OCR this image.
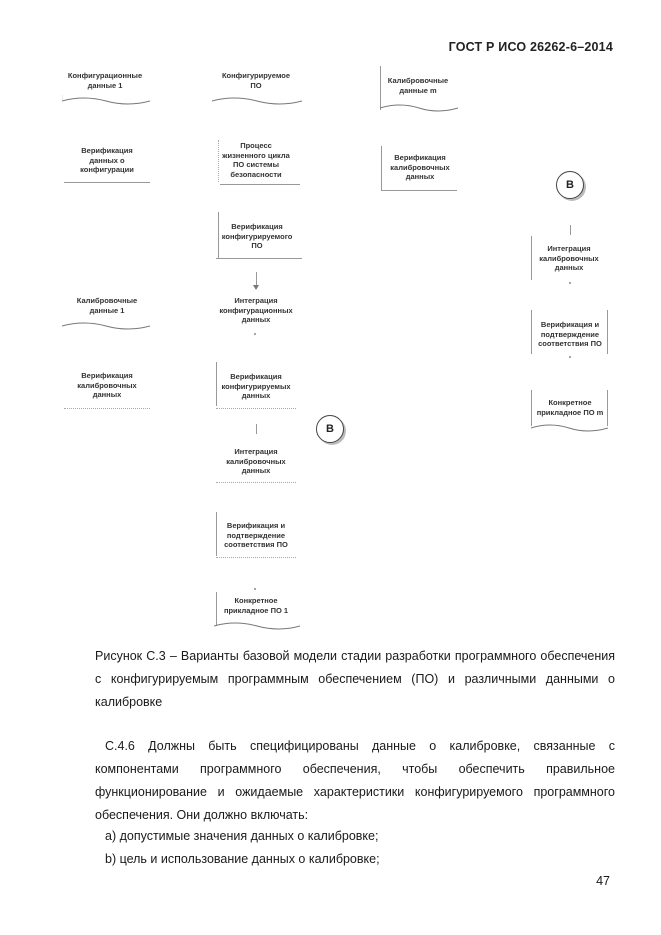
ГОСТ Р ИСО 26262-6–2014
Конфигурационные
данные 1
Верификация
данных о
конфигурации
Калибровочные
данные 1
Верификация
калибровочных
данных
Конфигурируемое
ПО
Процесс
жизненного цикла
ПО системы
безопасности
Верификация
конфигурируемого
ПО
Интеграция
конфигурационных
данных
Верификация
конфигурируемых
данных
Интеграция
калибровочных
данных
Верификация и
подтверждение
соответствия ПО
Конкретное
прикладное ПО 1
B
Калибровочные
данные m
Верификация
калибровочных
данных
B
Интеграция
калибровочных
данных
Верификация и
подтверждение
соответствия ПО
Конкретное
прикладное ПО m
Рисунок С.3 – Варианты базовой модели стадии разработки программного обеспечения с конфигурируемым программным обеспечением (ПО) и различными данными о калибровке
С.4.6 Должны быть специфицированы данные о калибровке, связанные с компонентами программного обеспечения, чтобы обеспечить правильное функционирование и ожидаемые характеристики конфигурируемого программного обеспечения. Они должно включать:
а) допустимые значения данных о калибровке;
b) цель и использование данных о калибровке;
47
